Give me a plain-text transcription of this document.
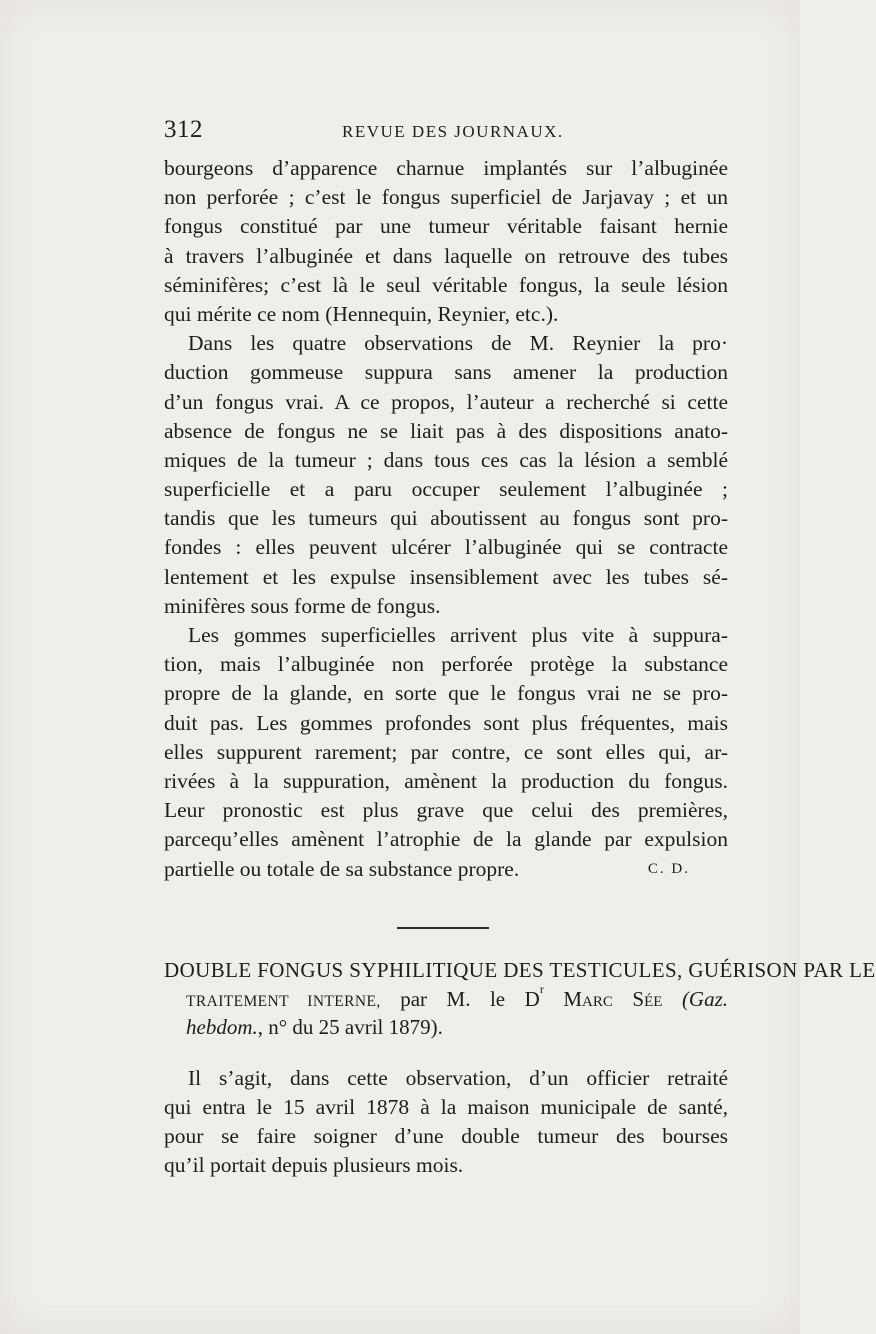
312	REVUE DES JOURNAUX.
bourgeons d’apparence charnue implantés sur l’albuginée
non perforée ; c’est le fongus superficiel de Jarjavay ; et un
fongus constitué par une tumeur véritable faisant hernie
à travers l’albuginée et dans laquelle on retrouve des tubes
séminifères; c’est là le seul véritable fongus, la seule lésion
qui mérite ce nom (Hennequin, Reynier, etc.).
Dans les quatre observations de M. Reynier la pro·
duction gommeuse suppura sans amener la production
d’un fongus vrai. A ce propos, l’auteur a recherché si cette
absence de fongus ne se liait pas à des dispositions anato-
miques de la tumeur ; dans tous ces cas la lésion a semblé
superficielle et a paru occuper seulement l’albuginée ;
tandis que les tumeurs qui aboutissent au fongus sont pro-
fondes : elles peuvent ulcérer l’albuginée qui se contracte
lentement et les expulse insensiblement avec les tubes sé-
minifères sous forme de fongus.
Les gommes superficielles arrivent plus vite à suppura-
tion, mais l’albuginée non perforée protège la substance
propre de la glande, en sorte que le fongus vrai ne se pro-
duit pas. Les gommes profondes sont plus fréquentes, mais
elles suppurent rarement; par contre, ce sont elles qui, ar-
rivées à la suppuration, amènent la production du fongus.
Leur pronostic est plus grave que celui des premières,
parcequ’elles amènent l’atrophie de la glande par expulsion
partielle ou totale de sa substance propre.	C. D.
DOUBLE FONGUS SYPHILITIQUE DES TESTICULES, GUÉRISON PAR LE
TRAITEMENT INTERNE, par M. le $D^r$ Marc Sée (Gaz.
hebdom., n° du 25 avril 1879).
Il s’agit, dans cette observation, d’un officier retraité
qui entra le 15 avril 1878 à la maison municipale de santé,
pour se faire soigner d’une double tumeur des bourses
qu’il portait depuis plusieurs mois.
